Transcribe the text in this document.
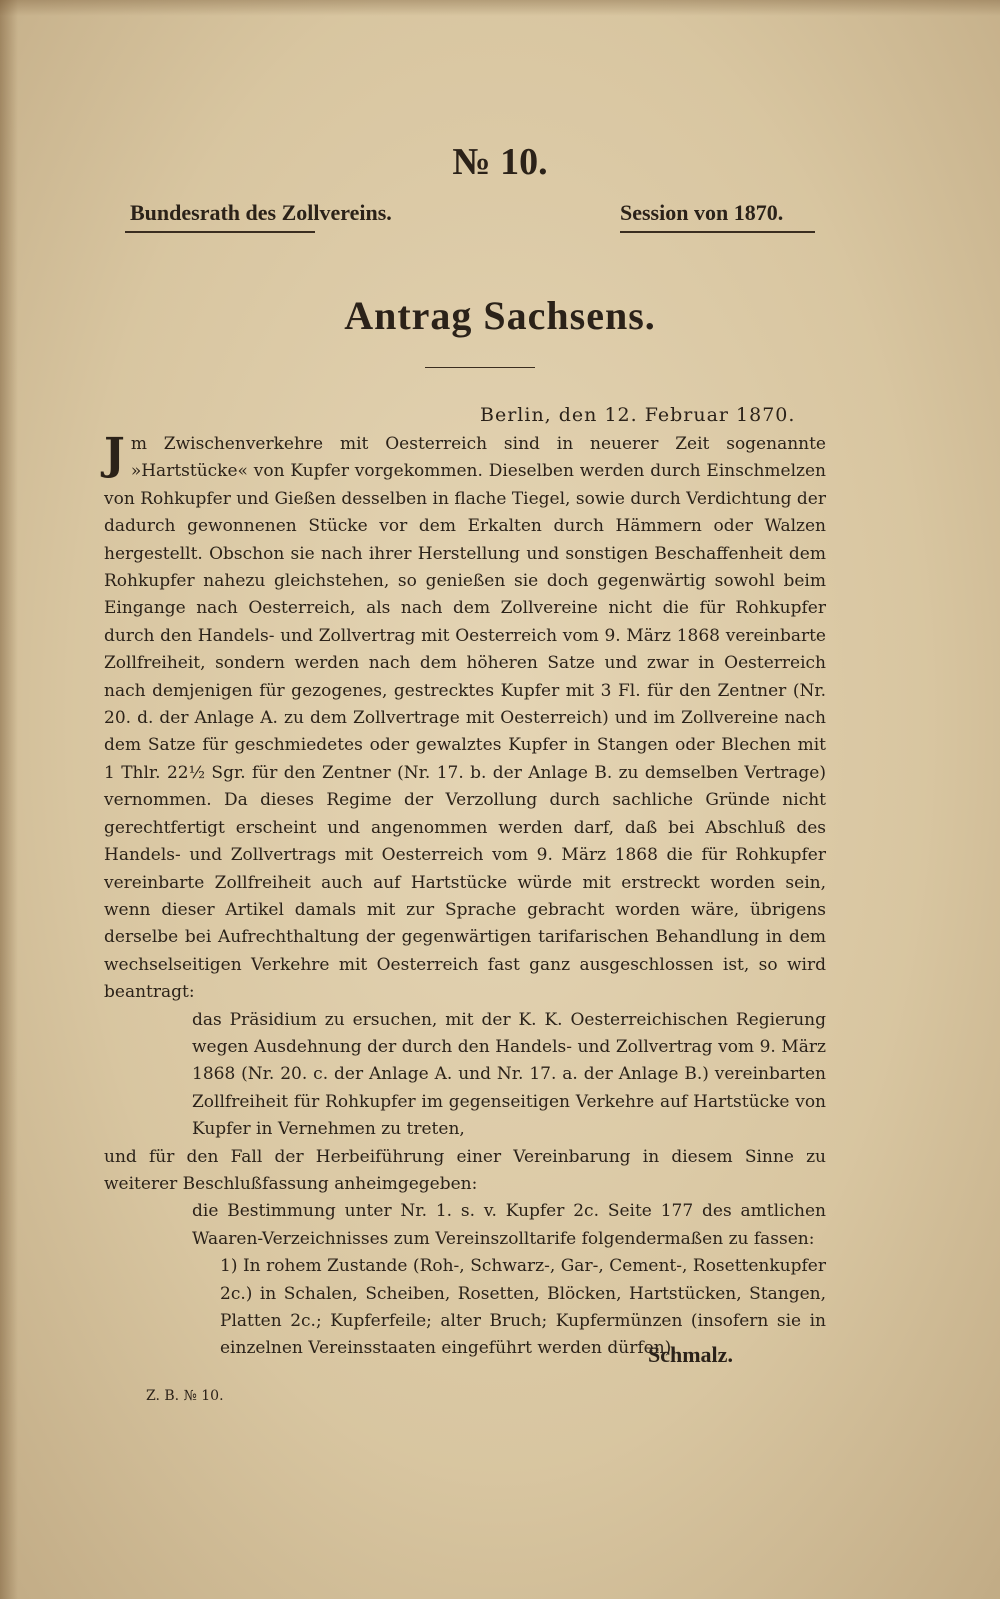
№ 10.
Bundesrath des Zollvereins.	Session von 1870.
Antrag Sachsens.
Berlin, den 12. Februar 1870.

J m Zwischenverkehre mit Oesterreich sind in neuerer Zeit sogenannte »Hartstücke« von Kupfer vorgekommen. Dieselben werden durch Einschmelzen von Rohkupfer und Gießen desselben in flache Tiegel, sowie durch Verdichtung der dadurch gewonnenen Stücke vor dem Erkalten durch Hämmern oder Walzen hergestellt. Obschon sie nach ihrer Herstellung und sonstigen Beschaffenheit dem Rohkupfer nahezu gleichstehen, so genießen sie doch gegenwärtig sowohl beim Eingange nach Oesterreich, als nach dem Zollvereine nicht die für Rohkupfer durch den Handels- und Zollvertrag mit Oesterreich vom 9. März 1868 vereinbarte Zollfreiheit, sondern werden nach dem höheren Satze und zwar in Oesterreich nach demjenigen für gezogenes, gestrecktes Kupfer mit 3 Fl. für den Zentner (Nr. 20. d. der Anlage A. zu dem Zollvertrage mit Oesterreich) und im Zollvereine nach dem Satze für geschmiedetes oder gewalztes Kupfer in Stangen oder Blechen mit 1 Thlr. 22½ Sgr. für den Zentner (Nr. 17. b. der Anlage B. zu demselben Vertrage) vernommen. Da dieses Regime der Verzollung durch sachliche Gründe nicht gerechtfertigt erscheint und angenommen werden darf, daß bei Abschluß des Handels- und Zollvertrags mit Oesterreich vom 9. März 1868 die für Rohkupfer vereinbarte Zollfreiheit auch auf Hartstücke würde mit erstreckt worden sein, wenn dieser Artikel damals mit zur Sprache gebracht worden wäre, übrigens derselbe bei Aufrechthaltung der gegenwärtigen tarifarischen Behandlung in dem wechselseitigen Verkehre mit Oesterreich fast ganz ausgeschlossen ist, so wird beantragt:

das Präsidium zu ersuchen, mit der K. K. Oesterreichischen Regierung wegen Ausdehnung der durch den Handels- und Zollvertrag vom 9. März 1868 (Nr. 20. c. der Anlage A. und Nr. 17. a. der Anlage B.) vereinbarten Zollfreiheit für Rohkupfer im gegenseitigen Verkehre auf Hartstücke von Kupfer in Vernehmen zu treten,

und für den Fall der Herbeiführung einer Vereinbarung in diesem Sinne zu weiterer Beschlußfassung anheimgegeben:

die Bestimmung unter Nr. 1. s. v. Kupfer 2c. Seite 177 des amtlichen Waaren-Verzeichnisses zum Vereinszolltarife folgendermaßen zu fassen:

1) In rohem Zustande (Roh-, Schwarz-, Gar-, Cement-, Rosettenkupfer 2c.) in Schalen, Scheiben, Rosetten, Blöcken, Hartstücken, Stangen, Platten 2c.; Kupferfeile; alter Bruch; Kupfermünzen (insofern sie in einzelnen Vereinsstaaten eingeführt werden dürfen).

Schmalz.
Z. B. № 10.
